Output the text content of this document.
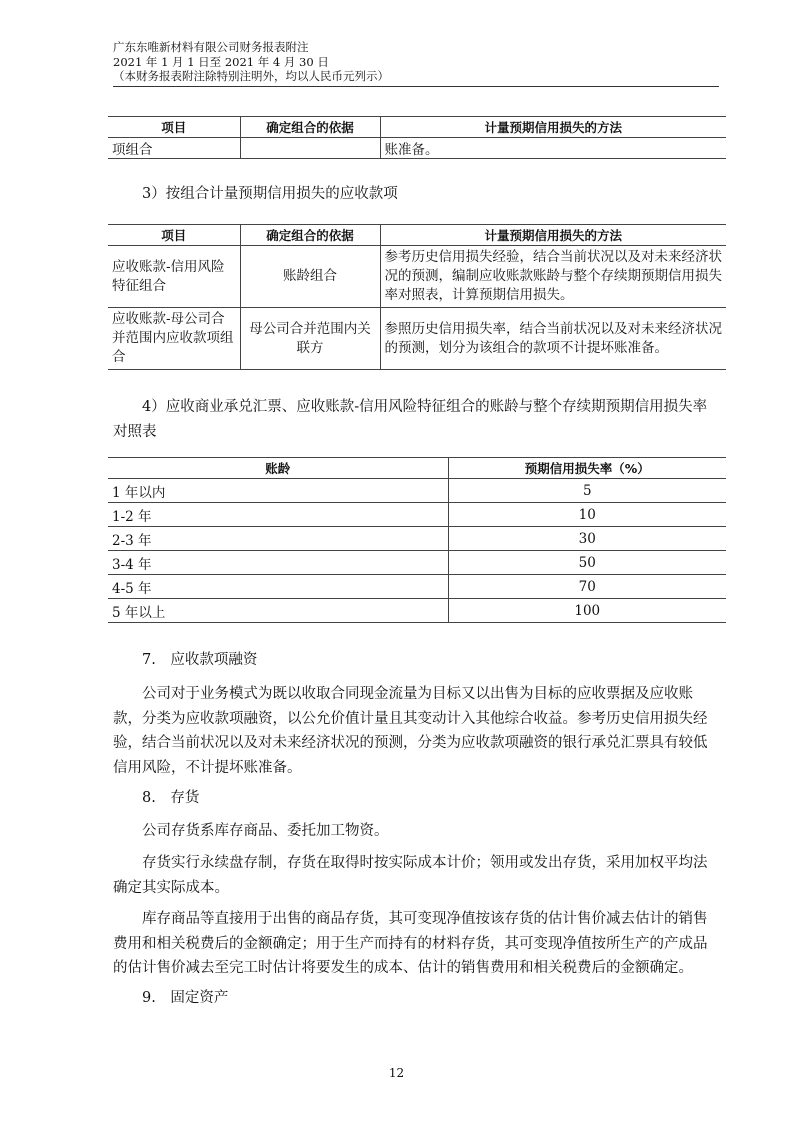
广东东唯新材料有限公司财务报表附注
2021 年 1 月 1 日至 2021 年 4 月 30 日
（本财务报表附注除特别注明外，均以人民币元列示）
项目	确定组合的依据	计量预期信用损失的方法
项组合		账准备。
3）按组合计量预期信用损失的应收款项
项目	确定组合的依据	计量预期信用损失的方法
应收账款-信用风险特征组合	账龄组合	参考历史信用损失经验，结合当前状况以及对未来经济状况的预测，编制应收账款账龄与整个存续期预期信用损失率对照表，计算预期信用损失。
应收账款-母公司合并范围内应收款项组合	母公司合并范围内关联方	参照历史信用损失率，结合当前状况以及对未来经济状况的预测，划分为该组合的款项不计提坏账准备。
4）应收商业承兑汇票、应收账款-信用风险特征组合的账龄与整个存续期预期信用损失率对照表
账龄	预期信用损失率（%）
1 年以内	5
1-2 年	10
2-3 年	30
3-4 年	50
4-5 年	70
5 年以上	100
7.　应收款项融资
公司对于业务模式为既以收取合同现金流量为目标又以出售为目标的应收票据及应收账款，分类为应收款项融资，以公允价值计量且其变动计入其他综合收益。参考历史信用损失经验，结合当前状况以及对未来经济状况的预测，分类为应收款项融资的银行承兑汇票具有较低信用风险，不计提坏账准备。
8.　存货
公司存货系库存商品、委托加工物资。
存货实行永续盘存制，存货在取得时按实际成本计价；领用或发出存货，采用加权平均法确定其实际成本。
库存商品等直接用于出售的商品存货，其可变现净值按该存货的估计售价减去估计的销售费用和相关税费后的金额确定；用于生产而持有的材料存货，其可变现净值按所生产的产成品的估计售价减去至完工时估计将要发生的成本、估计的销售费用和相关税费后的金额确定。
9.　固定资产
12
